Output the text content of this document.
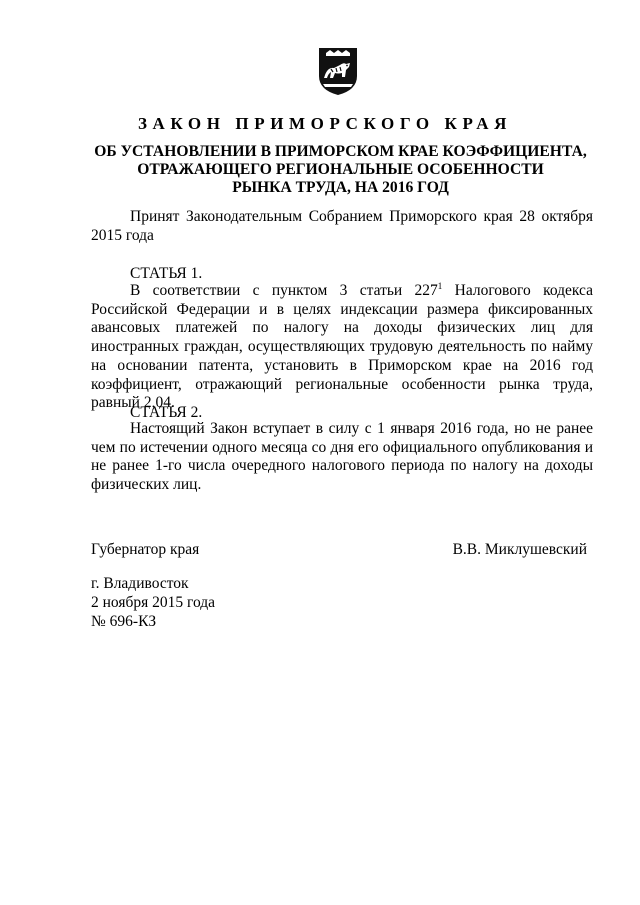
ЗАКОН ПРИМОРСКОГО КРАЯ
ОБ УСТАНОВЛЕНИИ В ПРИМОРСКОМ КРАЕ КОЭФФИЦИЕНТА,
ОТРАЖАЮЩЕГО РЕГИОНАЛЬНЫЕ ОСОБЕННОСТИ
РЫНКА ТРУДА, НА 2016 ГОД
Принят Законодательным Собранием Приморского края 28 октября 2015 года
СТАТЬЯ 1.
В соответствии с пунктом 3 статьи $227^1$ Налогового кодекса Российской Федерации и в целях индексации размера фиксированных авансовых платежей по налогу на доходы физических лиц для иностранных граждан, осуществляющих трудовую деятельность по найму на основании патента, установить в Приморском крае на 2016 год коэффициент, отражающий региональные особенности рынка труда, равный 2,04.
СТАТЬЯ 2.
Настоящий Закон вступает в силу с 1 января 2016 года, но не ранее чем по истечении одного месяца со дня его официального опубликования и не ранее 1-го числа очередного налогового периода по налогу на доходы физических лиц.
Губернатор края	В.В. Миклушевский
г. Владивосток
2 ноября 2015 года
№ 696-КЗ
